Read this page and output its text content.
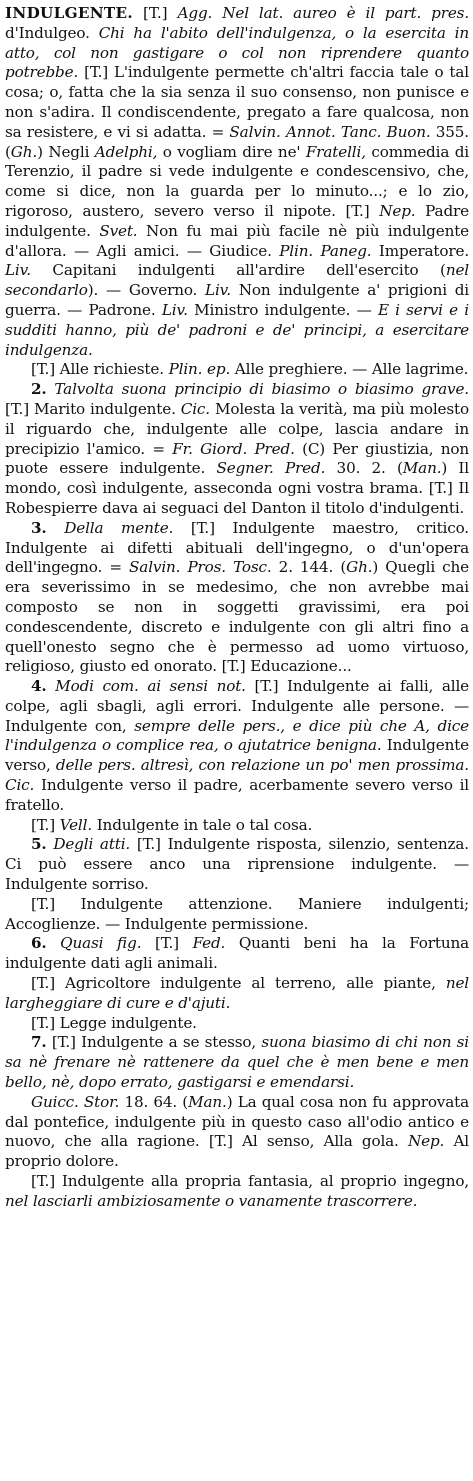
INDULGENTE. [T.] Agg. Nel lat. aureo è il part. pres. d'Indulgeo. Chi ha l'abito dell'indulgenza, o la esercita in atto, col non gastigare o col non riprendere quanto potrebbe. [T.] L'indulgente permette ch'altri faccia tale o tal cosa; o, fatta che la sia senza il suo consenso, non punisce e non s'adira. Il condiscendente, pregato a fare qualcosa, non sa resistere, e vi si adatta. = Salvin. Annot. Tanc. Buon. 355. (Gh.) Negli Adelphi, o vogliam dire ne' Fratelli, commedia di Terenzio, il padre si vede indulgente e condescensivo, che, come si dice, non la guarda per lo minuto...; e lo zio, rigoroso, austero, severo verso il nipote. [T.] Nep. Padre indulgente. Svet. Non fu mai più facile nè più indulgente d'allora. — Agli amici. — Giudice. Plin. Paneg. Imperatore. Liv. Capitani indulgenti all'ardire dell'esercito (nel secondarlo). — Governo. Liv. Non indulgente a' prigioni di guerra. — Padrone. Liv. Ministro indulgente. — E i servi e i sudditi hanno, più de' padroni e de' principi, a esercitare indulgenza.

[T.] Alle richieste. Plin. ep. Alle preghiere. — Alle lagrime.

2. Talvolta suona principio di biasimo o biasimo grave. [T.] Marito indulgente. Cic. Molesta la verità, ma più molesto il riguardo che, indulgente alle colpe, lascia andare in precipizio l'amico. = Fr. Giord. Pred. (C) Per giustizia, non puote essere indulgente. Segner. Pred. 30. 2. (Man.) Il mondo, così indulgente, asseconda ogni vostra brama. [T.] Il Robespierre dava ai seguaci del Danton il titolo d'indulgenti.

3. Della mente. [T.] Indulgente maestro, critico. Indulgente ai difetti abituali dell'ingegno, o d'un'opera dell'ingegno. = Salvin. Pros. Tosc. 2. 144. (Gh.) Quegli che era severissimo in se medesimo, che non avrebbe mai composto se non in soggetti gravissimi, era poi condescendente, discreto e indulgente con gli altri fino a quell'onesto segno che è permesso ad uomo virtuoso, religioso, giusto ed onorato. [T.] Educazione...

4. Modi com. ai sensi not. [T.] Indulgente ai falli, alle colpe, agli sbagli, agli errori. Indulgente alle persone. — Indulgente con, sempre delle pers., e dice più che A, dice l'indulgenza o complice rea, o ajutatrice benigna. Indulgente verso, delle pers. altresì, con relazione un po' men prossima. Cic. Indulgente verso il padre, acerbamente severo verso il fratello.

[T.] Vell. Indulgente in tale o tal cosa.

5. Degli atti. [T.] Indulgente risposta, silenzio, sentenza. Ci può essere anco una riprensione indulgente. — Indulgente sorriso.

[T.] Indulgente attenzione. Maniere indulgenti; Accoglienze. — Indulgente permissione.

6. Quasi fig. [T.] Fed. Quanti beni ha la Fortuna indulgente dati agli animali.

[T.] Agricoltore indulgente al terreno, alle piante, nel largheggiare di cure e d'ajuti.

[T.] Legge indulgente.

7. [T.] Indulgente a se stesso, suona biasimo di chi non si sa nè frenare nè rattenere da quel che è men bene e men bello, nè, dopo errato, gastigarsi e emendarsi.

Guicc. Stor. 18. 64. (Man.) La qual cosa non fu approvata dal pontefice, indulgente più in questo caso all'odio antico e nuovo, che alla ragione. [T.] Al senso, Alla gola. Nep. Al proprio dolore.

[T.] Indulgente alla propria fantasia, al proprio ingegno, nel lasciarli ambiziosamente o vanamente trascorrere.
